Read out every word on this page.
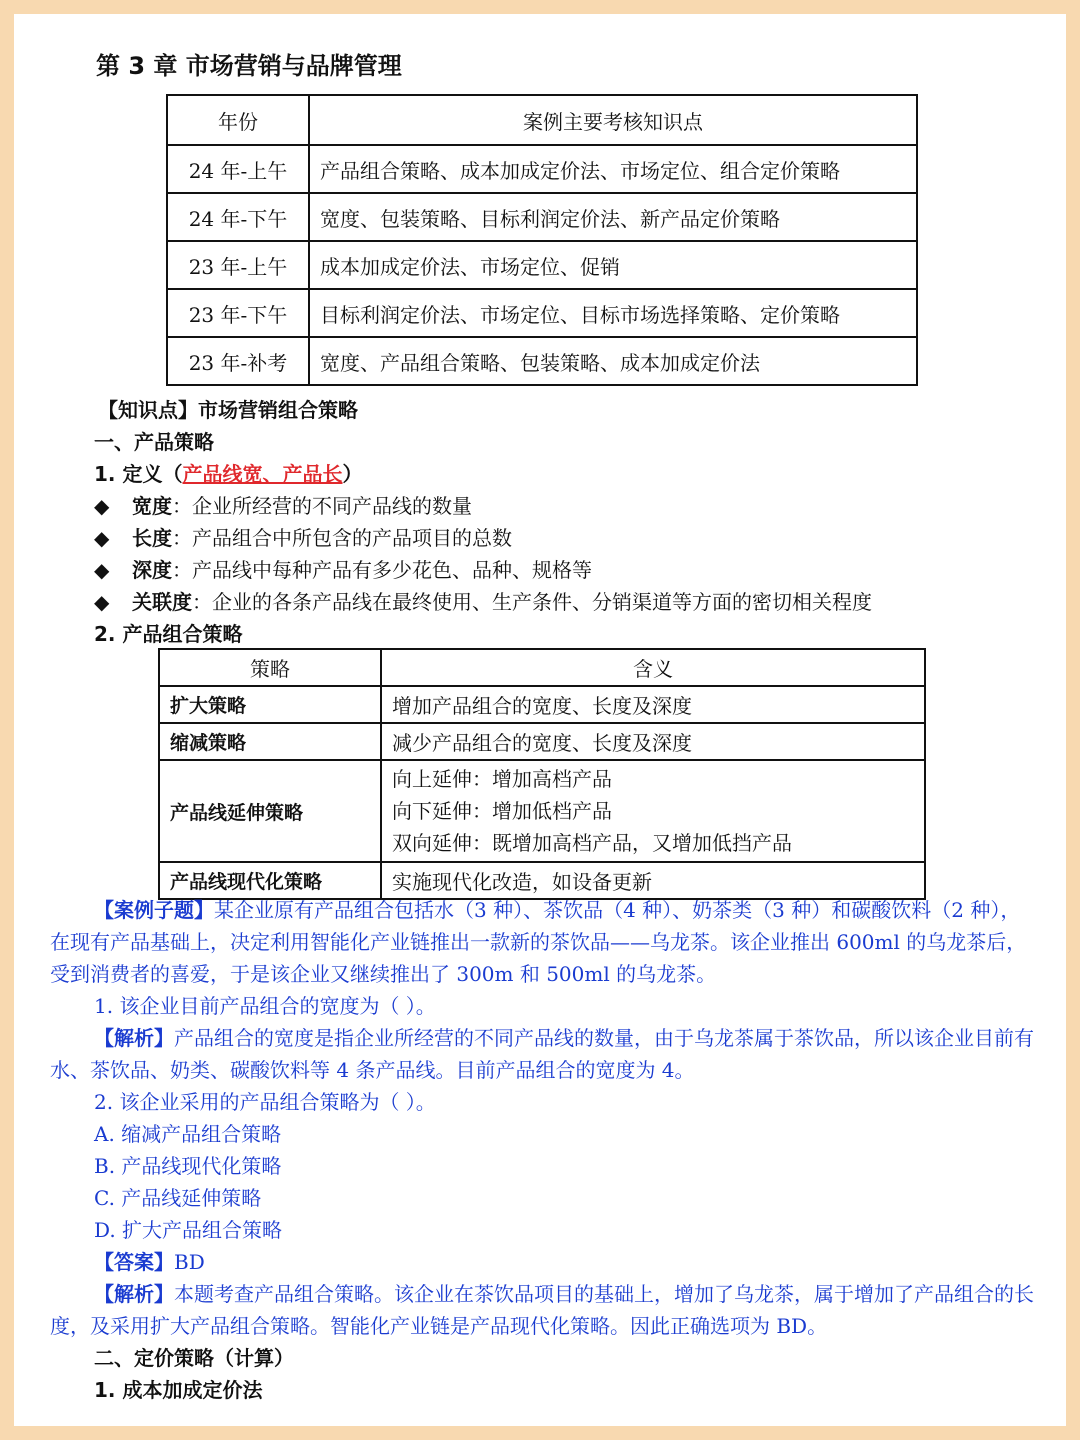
第 3 章 市场营销与品牌管理
年份	案例主要考核知识点
24 年-上午	产品组合策略、成本加成定价法、市场定位、组合定价策略
24 年-下午	宽度、包装策略、目标利润定价法、新产品定价策略
23 年-上午	成本加成定价法、市场定位、促销
23 年-下午	目标利润定价法、市场定位、目标市场选择策略、定价策略
23 年-补考	宽度、产品组合策略、包装策略、成本加成定价法
【知识点】市场营销组合策略
一、产品策略
1. 定义（产品线宽、产品长）
◆ 宽度：企业所经营的不同产品线的数量
◆ 长度：产品组合中所包含的产品项目的总数
◆ 深度：产品线中每种产品有多少花色、品种、规格等
◆ 关联度：企业的各条产品线在最终使用、生产条件、分销渠道等方面的密切相关程度
2. 产品组合策略
策略	含义
扩大策略	增加产品组合的宽度、长度及深度
缩减策略	减少产品组合的宽度、长度及深度
产品线延伸策略	向上延伸：增加高档产品
向下延伸：增加低档产品
双向延伸：既增加高档产品，又增加低挡产品

产品线现代化策略	实施现代化改造，如设备更新
【案例子题】某企业原有产品组合包括水（3 种）、茶饮品（4 种）、奶茶类（3 种）和碳酸饮料（2 种），在现有产品基础上，决定利用智能化产业链推出一款新的茶饮品——乌龙茶。该企业推出 600ml 的乌龙茶后，受到消费者的喜爱，于是该企业又继续推出了 300m 和 500ml 的乌龙茶。
1. 该企业目前产品组合的宽度为（ ）。
【解析】产品组合的宽度是指企业所经营的不同产品线的数量，由于乌龙茶属于茶饮品，所以该企业目前有水、茶饮品、奶类、碳酸饮料等 4 条产品线。目前产品组合的宽度为 4。
2. 该企业采用的产品组合策略为（ ）。
A. 缩减产品组合策略
B. 产品线现代化策略
C. 产品线延伸策略
D. 扩大产品组合策略
【答案】BD
【解析】本题考查产品组合策略。该企业在茶饮品项目的基础上，增加了乌龙茶，属于增加了产品组合的长度，及采用扩大产品组合策略。智能化产业链是产品现代化策略。因此正确选项为 BD。
二、定价策略（计算）
1. 成本加成定价法
